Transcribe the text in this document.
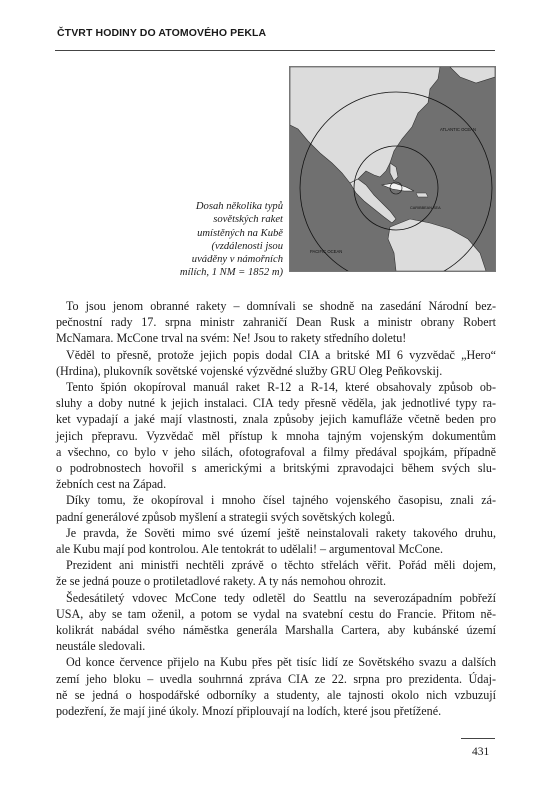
ČTVRT HODINY DO ATOMOVÉHO PEKLA
ATLANTIC OCEAN
PACIFIC OCEAN
CARIBBEAN SEA
Dosah několika typů
sovětských raket
umístěných na Kubě
(vzdálenosti jsou
uváděny v námořních
mílích, 1 NM = 1852 m)

To jsou jenom obranné rakety – domnívali se shodně na zasedání Národní bez-
pečnostní rady 17. srpna ministr zahraničí Dean Rusk a ministr obrany Robert
McNamara. McCone trval na svém: Ne! Jsou to rakety středního doletu!

Věděl to přesně, protože jejich popis dodal CIA a britské MI 6 vyzvědač „Hero“
(Hrdina), plukovník sovětské vojenské výzvědné služby GRU Oleg Peňkovskij.

Tento špión okopíroval manuál raket R-12 a R-14, které obsahovaly způsob ob-
sluhy a doby nutné k jejich instalaci. CIA tedy přesně věděla, jak jednotlivé typy ra-
ket vypadají a jaké mají vlastnosti, znala způsoby jejich kamufláže včetně beden pro
jejich přepravu. Vyzvědač měl přístup k mnoha tajným vojenským dokumentům
a všechno, co bylo v jeho silách, ofotografoval a filmy předával spojkám, případně
o podrobnostech hovořil s americkými a britskými zpravodajci během svých slu-
žebních cest na Západ.

Díky tomu, že okopíroval i mnoho čísel tajného vojenského časopisu, znali zá-
padní generálové způsob myšlení a strategii svých sovětských kolegů.

Je pravda, že Sověti mimo své území ještě neinstalovali rakety takového druhu,
ale Kubu mají pod kontrolou. Ale tentokrát to udělali! – argumentoval McCone.

Prezident ani ministři nechtěli zprávě o těchto střelách věřit. Pořád měli dojem,
že se jedná pouze o protiletadlové rakety. A ty nás nemohou ohrozit.

Šedesátiletý vdovec McCone tedy odletěl do Seattlu na severozápadním pobřeží
USA, aby se tam oženil, a potom se vydal na svatební cestu do Francie. Přitom ně-
kolikrát nabádal svého náměstka generála Marshalla Cartera, aby kubánské území
neustále sledovali.

Od konce července přijelo na Kubu přes pět tisíc lidí ze Sovětského svazu a dalších
zemí jeho bloku – uvedla souhrnná zpráva CIA ze 22. srpna pro prezidenta. Údaj-
ně se jedná o hospodářské odborníky a studenty, ale tajnosti okolo nich vzbuzují
podezření, že mají jiné úkoly. Mnozí připlouvají na lodích, které jsou přetížené.

431
